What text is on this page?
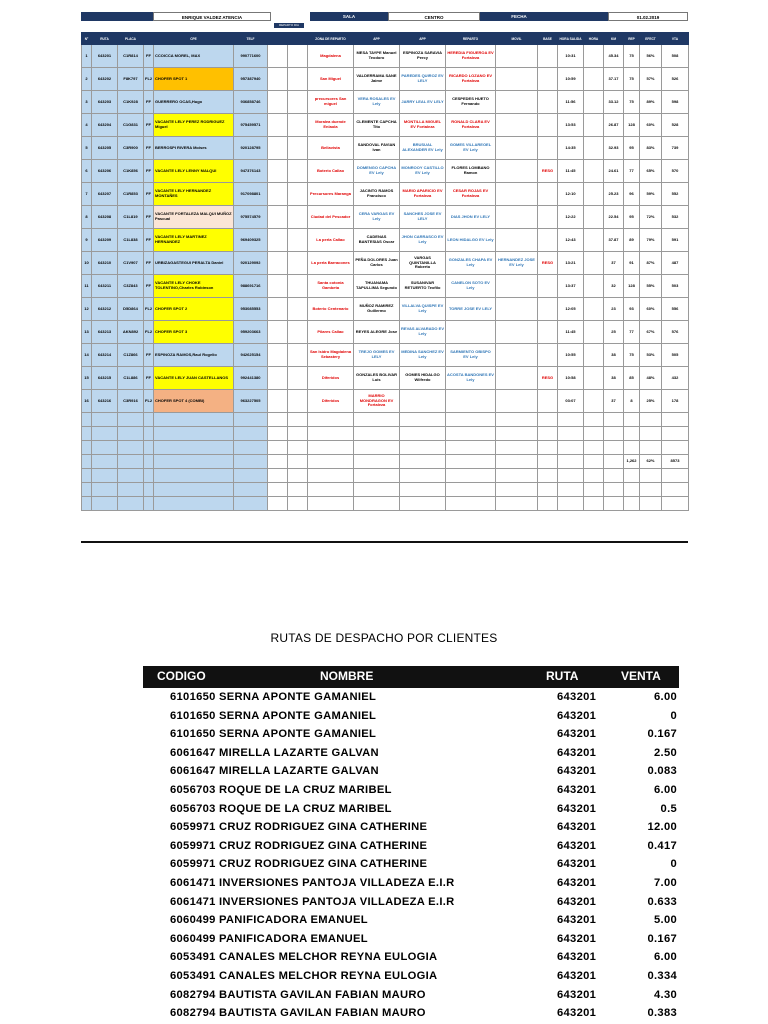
ENRIQUE VALDEZ ATENCIA	SALA	CENTRO	FECHA	01.02.2019
REPARTO DIA
N°	RUTA	PLACA		CPE	TELF			ZONA DE REPARTO	APP	APP	REPARTO	MOVIL	BASE	HORA SALIDA	HORA	KM	REP	EFECT	VTA
1	643201	C1R814	FF	CCOICCA MOREL, MAX	990771600			Magdalena	MESA TAYPE Manuel Teodoro	ESPINOZA SARAVIA Percy	HEREDIA FIGUEROA EV Fortaleza			10:31		45.34	75	56%	508
2	643202	F8K797	FL2	CHOFER SPOT 1	957387940			San Miguel	VALDERRAMA SANE Jaime	PAREDES QUIROZ EV LELY	RICARDO LOZANO EV Fortaleza			10:59		37.17	75	57%	526
3	643203	C1K928	FF	GUERRERO OCAS,Hugo	936858746			precursores San miguel	VERA ROSALES EV Lely	JARRY LEAL EV LELY	CESPEDES HUETO Fernando			11:56		33.12	75	89%	598
4	643204	C1G831	FF	VACANTE LELY PEREZ RODRIGUEZ Miguel	975459571			Moralea duende Enlaola	CLEMENTE CAPCHA Tito	MONTILLA MIGUEL EV Fortaleza	RONALD CLARA EV Fortaleza			13:53		26.87	128	60%	528
5	643205	C3R900	FF	BERROSPI RIVERA Moises	920128795			Bellavista	SANDOVAL FAVIAN Ivan	BRUSUAL ALEXANDER EV Lely	GOMES VILLAREOEL EV Lely			14:35		32.93	95	83%	739
6	643206	C1K856	FF	VACANTE LELY LENNY MALQUI	947376143			Boterio Callao	DOMENGO CAPCHA EV Lely	MONROOY CASTILLO EV Lely	FLORES LOMBANO Ramon		RESG	11:45		24.61	77	65%	570
7	643207	C1R853	FF	VACANTE LELY HERNANDEZ MONTAÑES	917098801			Precursores Maranga	JACINTO RAMOS Francisco	MARIO APARICIO EV Fortaleza	CESAR ROJAS EV Fortaleza			12:10		25.23	96	59%	552
8	643208	C1L819	FF	VACANTE FORTALEZA MALQUI MUÑOZ Pascual	975574579			Ciudad del Pescador	CERA VARGAS EV Lely	SANCHES JOSE EV LELY	DIAS JHON EV LELY			12:22		22.54	95	72%	532
9	643209	C1L838	FF	VACANTE LELY MARTINEZ HERNANDEZ	969409325			La perla Callao	CADENAS BANTESIAS Oscar	JHON CARRASCO EV Lely	LEON HIDALGO EV Lely			12:43		37.87	89	79%	591
10	643210	C1V907	FF	URBIZAGASTEGUI PERALTA Daniel	920129092			La perla Barracones	PEÑA DOLORES Juan Carlos	VARGAS QUINTANILLA Roberto	GONZALES CHAPA EV Lely	HERNANDEZ JOSE EV Lely	RESG	13:21		37	91	87%	487
11	643211	C3Z843	FF	VACANTE LELY CHOKE TOLENTINO,Charles Robinson	988691716			Santa cotonia Gambeta	THUANAMA TAPULLIMA Segundo	SUSANIVAR RETUERTO Teofilo	CANELON SOTO EV Lely			13:37		32	128	55%	503
12	643212	D5D864	FL2	CHOFER SPOT 2	953085553			Boterio Centenario	MUÑOZ RAMIREZ Guillermo	VILLALVA QUISPE EV Lely	TORRE JOSE EV LELY			12:05		23	93	60%	556
13	643213	AKN892	FL2	CHOFER SPOT 3	959203663			Pilares Callao	REYES ALEGRE Jose	REVAS ALVARADO EV Lely				11:45		25	77	67%	576
14	643214	C1Z866	FF	ESPINOZA RAMOS,Raul Rogelio	942625154			San Isidro Magdalena Sebastery	TREJO GOMES EV LELY	MEDINA SANCHEZ EV Lely	SARMIENTO OBISPO EV Lely			10:55		38	75	53%	505
15	643215	C1L886	FF	VACANTE LELY JUAN CASTELLANOS	992441380			Diferidos	GONZALES BOLIVAR Luis	GOMES HIDALGO Wilfredo	ACOSTA BANDONES EV Lely		RESG	10:58		38	85	48%	432
16	643216	C3R916	FL2	CHOFER SPOT 4 (COMBI)	963227505			Diferidos	MARRIO MONDRAGON EV Fortaleza					03:07		37	8	25%	178

																	1,262	62%	8573

RUTAS DE DESPACHO POR CLIENTES
CODIGO	NOMBRE	RUTA	VENTA
6101650 SERNA APONTE GAMANIEL	643201	6.00
6101650 SERNA APONTE GAMANIEL	643201	0
6101650 SERNA APONTE GAMANIEL	643201	0.167
6061647 MIRELLA LAZARTE GALVAN	643201	2.50
6061647 MIRELLA LAZARTE GALVAN	643201	0.083
6056703 ROQUE DE LA CRUZ MARIBEL	643201	6.00
6056703 ROQUE DE LA CRUZ MARIBEL	643201	0.5
6059971 CRUZ RODRIGUEZ GINA CATHERINE	643201	12.00
6059971 CRUZ RODRIGUEZ GINA CATHERINE	643201	0.417
6059971 CRUZ RODRIGUEZ GINA CATHERINE	643201	0
6061471 INVERSIONES PANTOJA VILLADEZA E.I.R	643201	7.00
6061471 INVERSIONES PANTOJA VILLADEZA E.I.R	643201	0.633
6060499 PANIFICADORA EMANUEL	643201	5.00
6060499 PANIFICADORA EMANUEL	643201	0.167
6053491 CANALES MELCHOR REYNA EULOGIA	643201	6.00
6053491 CANALES MELCHOR REYNA EULOGIA	643201	0.334
6082794 BAUTISTA GAVILAN FABIAN MAURO	643201	4.30
6082794 BAUTISTA GAVILAN FABIAN MAURO	643201	0.383
